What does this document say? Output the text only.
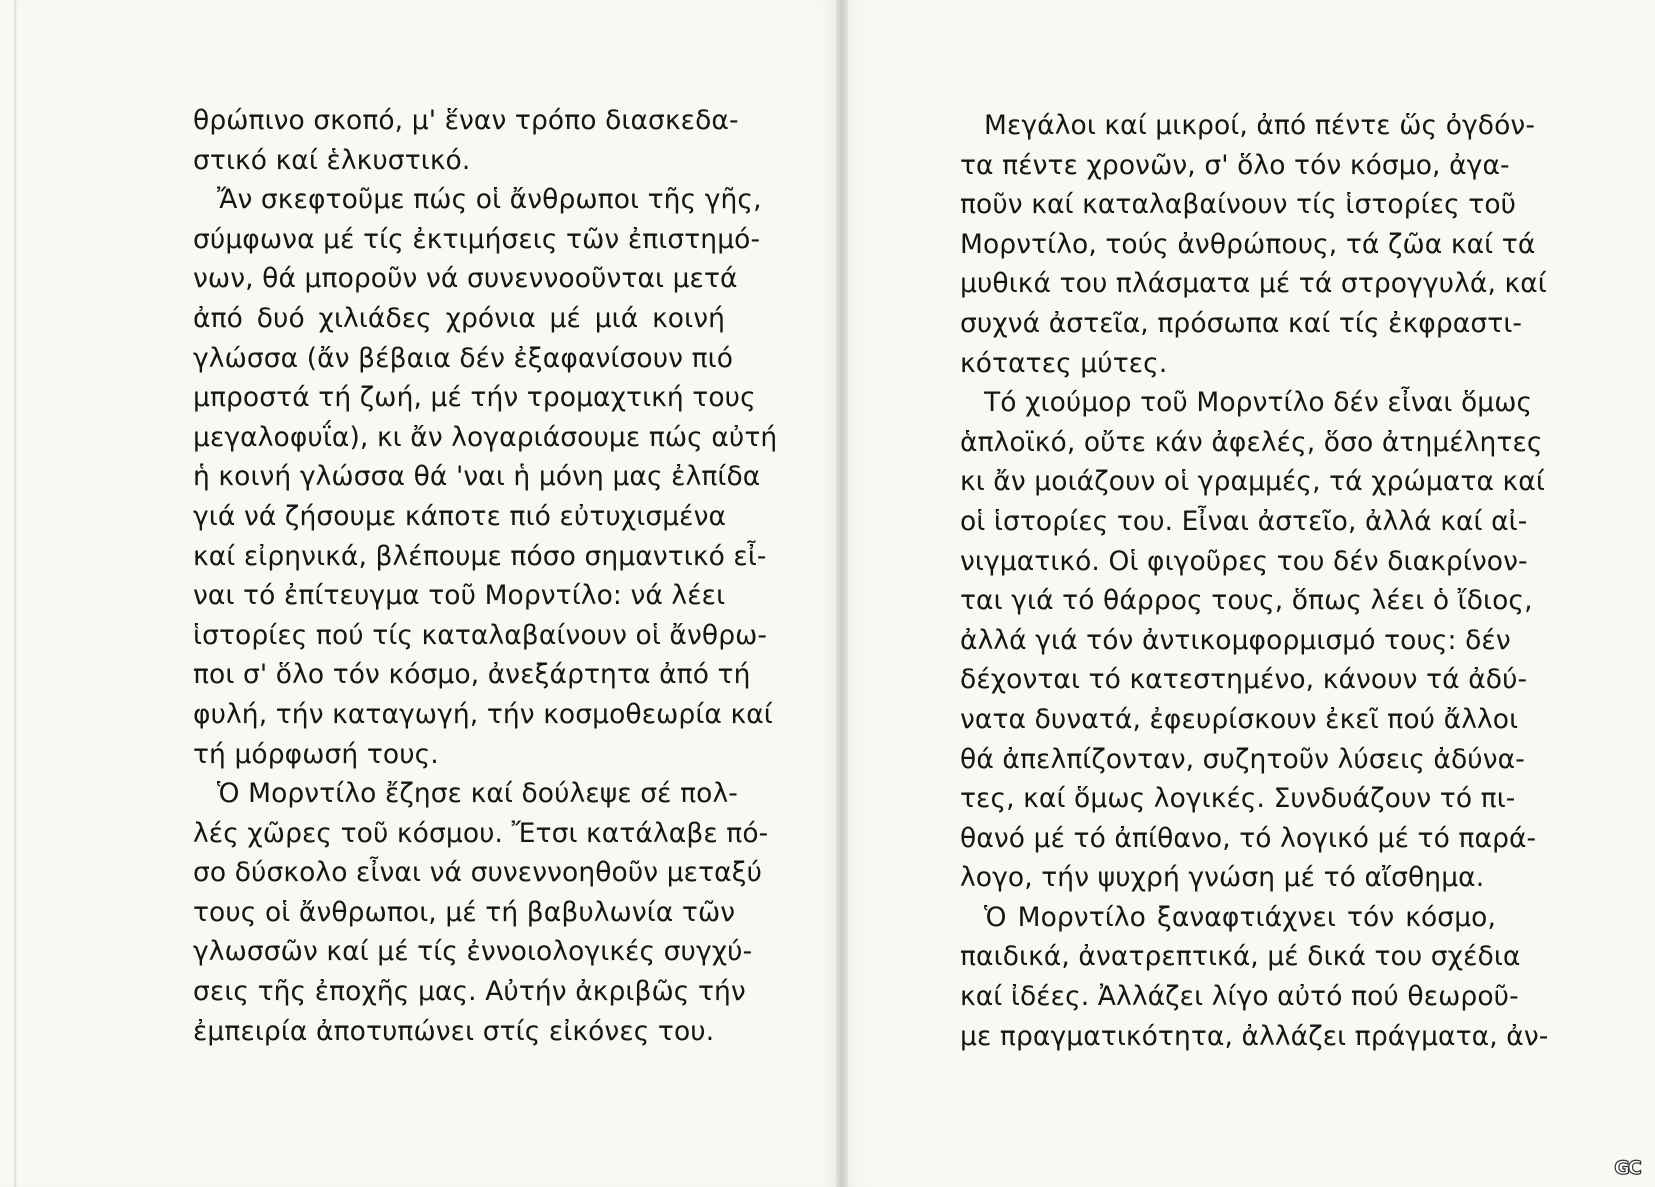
θρώπινο σκοπό, μ' ἕναν τρόπο διασκεδα-
στικό καί ἑλκυστικό.

Ἄν σκεφτοῦμε πώς οἱ ἄνθρωποι τῆς γῆς,
σύμφωνα μέ τίς ἐκτιμήσεις τῶν ἐπιστημό-
νων, θά μποροῦν νά συνεννοοῦνται μετά
ἀπό δυό χιλιάδες χρόνια μέ μιά κοινή
γλώσσα (ἄν βέβαια δέν ἐξαφανίσουν πιό
μπροστά τή ζωή, μέ τήν τρομαχτική τους
μεγαλοφυΐα), κι ἄν λογαριάσουμε πώς αὐτή
ἡ κοινή γλώσσα θά 'ναι ἡ μόνη μας ἐλπίδα
γιά νά ζήσουμε κάποτε πιό εὐτυχισμένα
καί εἰρηνικά, βλέπουμε πόσο σημαντικό εἶ-
ναι τό ἐπίτευγμα τοῦ Μορντίλο: νά λέει
ἱστορίες πού τίς καταλαβαίνουν οἱ ἄνθρω-
ποι σ' ὅλο τόν κόσμο, ἀνεξάρτητα ἀπό τή
φυλή, τήν καταγωγή, τήν κοσμοθεωρία καί
τή μόρφωσή τους.

Ὁ Μορντίλο ἔζησε καί δούλεψε σέ πολ-
λές χῶρες τοῦ κόσμου. Ἔτσι κατάλαβε πό-
σο δύσκολο εἶναι νά συνεννοηθοῦν μεταξύ
τους οἱ ἄνθρωποι, μέ τή βαβυλωνία τῶν
γλωσσῶν καί μέ τίς ἐννοιολογικές συγχύ-
σεις τῆς ἐποχῆς μας. Αὐτήν ἀκριβῶς τήν
ἐμπειρία ἀποτυπώνει στίς εἰκόνες του.

Μεγάλοι καί μικροί, ἀπό πέντε ὥς ὀγδόν-
τα πέντε χρονῶν, σ' ὅλο τόν κόσμο, ἀγα-
ποῦν καί καταλαβαίνουν τίς ἱστορίες τοῦ
Μορντίλο, τούς ἀνθρώπους, τά ζῶα καί τά
μυθικά του πλάσματα μέ τά στρογγυλά, καί
συχνά ἀστεῖα, πρόσωπα καί τίς ἐκφραστι-
κότατες μύτες.

Τό χιούμορ τοῦ Μορντίλο δέν εἶναι ὅμως
ἁπλοϊκό, οὔτε κάν ἀφελές, ὅσο ἀτημέλητες
κι ἄν μοιάζουν οἱ γραμμές, τά χρώματα καί
οἱ ἱστορίες του. Εἶναι ἀστεῖο, ἀλλά καί αἰ-
νιγματικό. Οἱ φιγοῦρες του δέν διακρίνον-
ται γιά τό θάρρος τους, ὅπως λέει ὁ ἴδιος,
ἀλλά γιά τόν ἀντικομφορμισμό τους: δέν
δέχονται τό κατεστημένο, κάνουν τά ἀδύ-
νατα δυνατά, ἐφευρίσκουν ἐκεῖ πού ἄλλοι
θά ἀπελπίζονταν, συζητοῦν λύσεις ἀδύνα-
τες, καί ὅμως λογικές. Συνδυάζουν τό πι-
θανό μέ τό ἀπίθανο, τό λογικό μέ τό παρά-
λογο, τήν ψυχρή γνώση μέ τό αἴσθημα.

Ὁ Μορντίλο ξαναφτιάχνει τόν κόσμο,
παιδικά, ἀνατρεπτικά, μέ δικά του σχέδια
καί ἰδέες. Ἀλλάζει λίγο αὐτό πού θεωροῦ-
με πραγματικότητα, ἀλλάζει πράγματα, ἀν-

GC
